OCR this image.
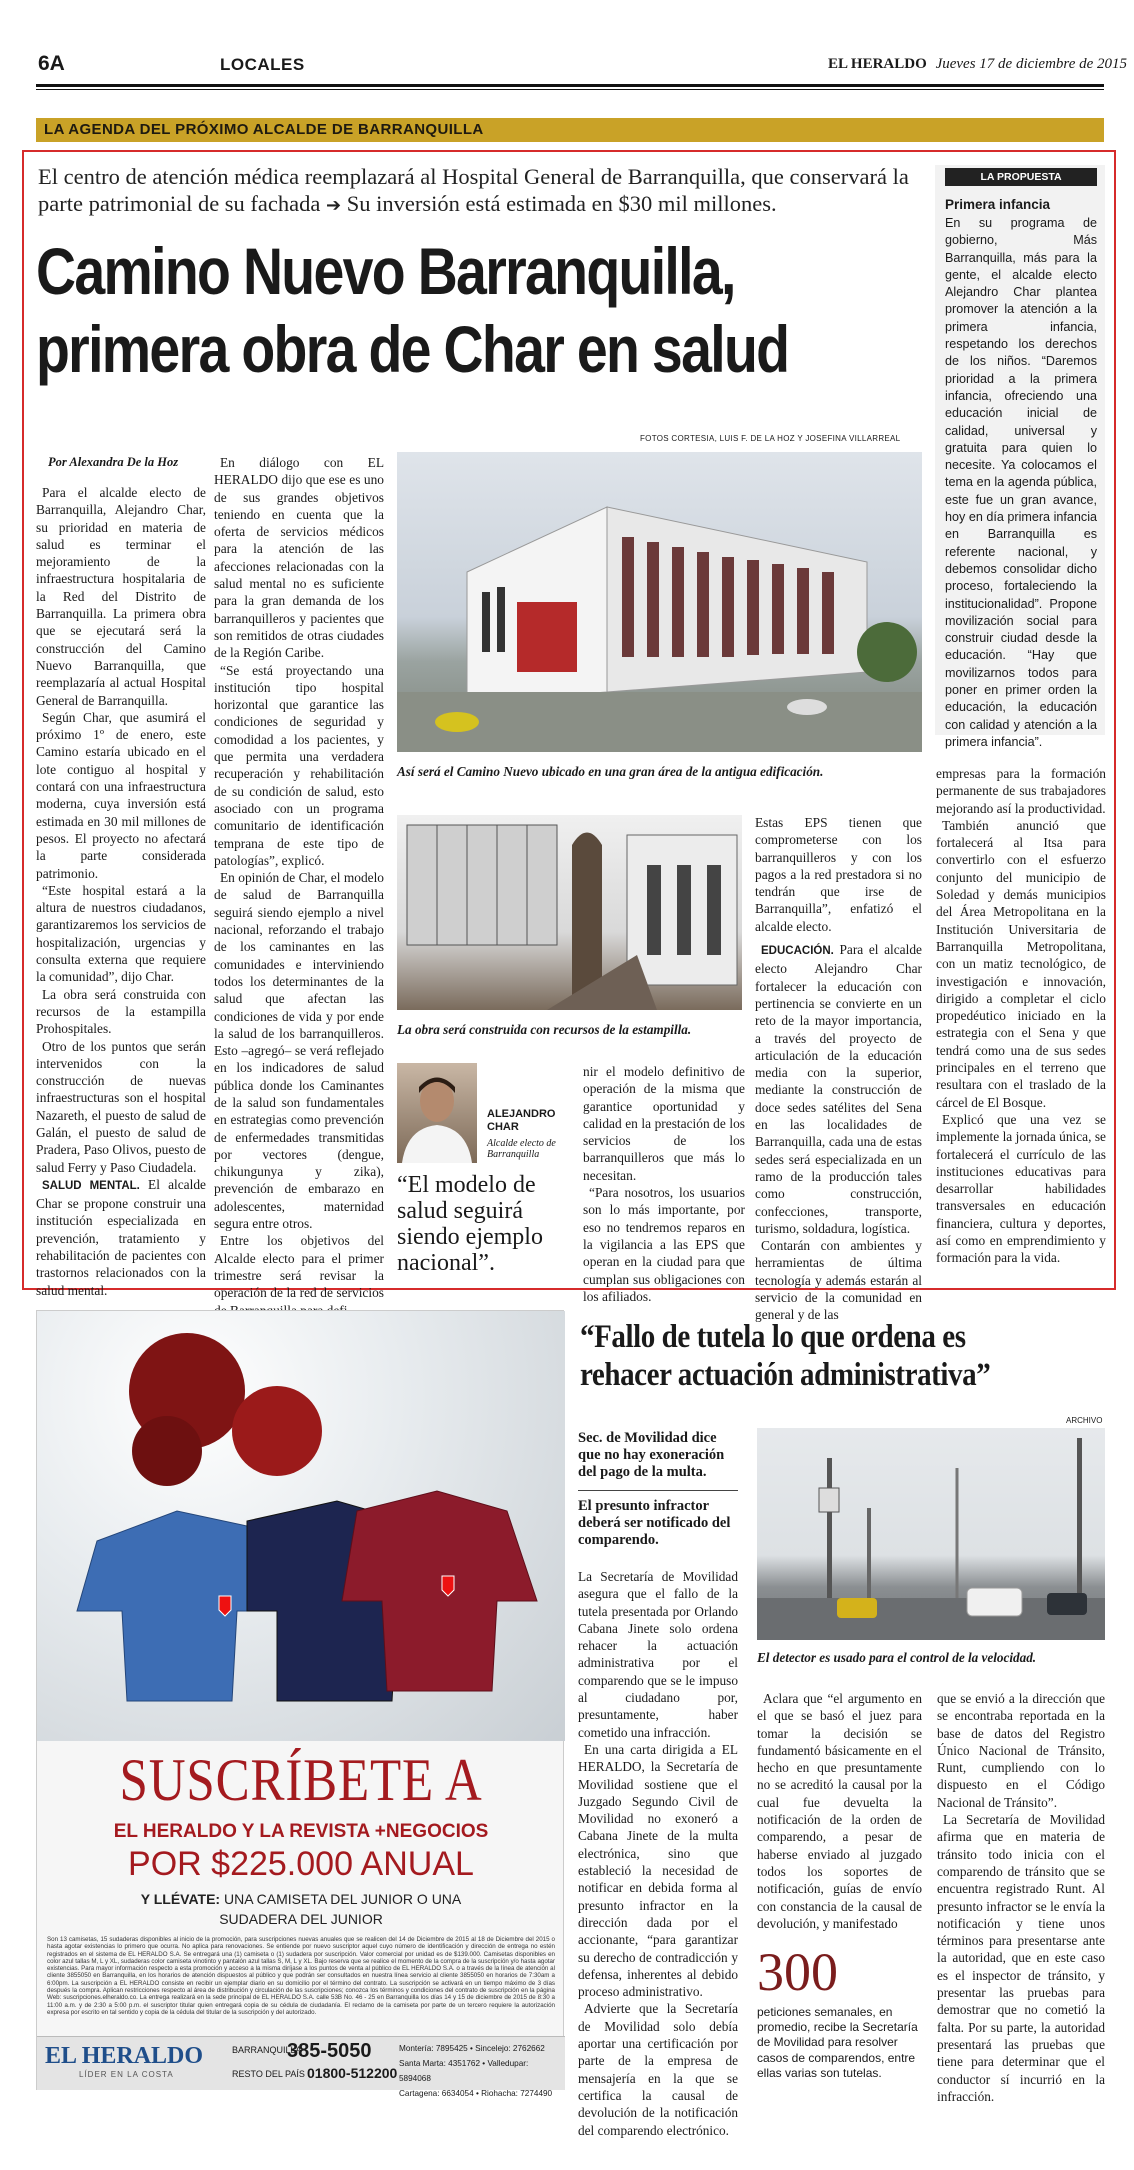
6A	LOCALES	EL HERALDO Jueves 17 de diciembre de 2015
LA AGENDA DEL PRÓXIMO ALCALDE DE BARRANQUILLA
El centro de atención médica reemplazará al Hospital General de Barranquilla, que conservará la parte patrimonial de su fachada ➔ Su inversión está estimada en $30 mil millones.
Camino Nuevo Barranquilla,
primera obra de Char en salud
LA PROPUESTA
Primera infancia
En su programa de gobierno, Más Barranquilla, más para la gente, el alcalde electo Alejandro Char plantea promover la atención a la primera infancia, respetando los derechos de los niños. “Daremos prioridad a la primera infancia, ofreciendo una educación inicial de calidad, universal y gratuita para quien lo necesite. Ya colocamos el tema en la agenda pública, este fue un gran avance, hoy en día primera infancia en Barranquilla es referente nacional, y debemos consolidar dicho proceso, fortaleciendo la institucionalidad”. Propone movilización social para construir ciudad desde la educación. “Hay que movilizarnos todos para poner en primer orden la educación, la educación con calidad y atención a la primera infancia”.
Por Alexandra De la Hoz
FOTOS CORTESIA, LUIS F. DE LA HOZ Y JOSEFINA VILLARREAL

Para el alcalde electo de Barranquilla, Alejandro Char, su prioridad en materia de salud es terminar el mejoramiento de la infraestructura hospitalaria de la Red del Distrito de Barranquilla. La primera obra que se ejecutará será la construcción del Camino Nuevo Barranquilla, que reemplazaría al actual Hospital General de Barranquilla.

Según Char, que asumirá el próximo 1º de enero, este Camino estaría ubicado en el lote contiguo al hospital y contará con una infraestructura moderna, cuya inversión está estimada en 30 mil millones de pesos. El proyecto no afectará la parte considerada patrimonio.

“Este hospital estará a la altura de nuestros ciudadanos, garantizaremos los servicios de hospitalización, urgencias y consulta externa que requiere la comunidad”, dijo Char.

La obra será construida con recursos de la estampilla Prohospitales.

Otro de los puntos que serán intervenidos con la construcción de nuevas infraestructuras son el hospital Nazareth, el puesto de salud de Galán, el puesto de salud de Pradera, Paso Olivos, puesto de salud Ferry y Paso Ciudadela.

SALUD MENTAL. El alcalde Char se propone construir una institución especializada en prevención, tratamiento y rehabilitación de pacientes con trastornos relacionados con la salud mental.

En diálogo con EL HERALDO dijo que ese es uno de sus grandes objetivos teniendo en cuenta que la oferta de servicios médicos para la atención de las afecciones relacionadas con la salud mental no es suficiente para la gran demanda de los barranquilleros y pacientes que son remitidos de otras ciudades de la Región Caribe.

“Se está proyectando una institución tipo hospital horizontal que garantice las condiciones de seguridad y comodidad a los pacientes, y que permita una verdadera recuperación y rehabilitación de su condición de salud, esto asociado con un programa comunitario de identificación temprana de este tipo de patologías”, explicó.

En opinión de Char, el modelo de salud de Barranquilla seguirá siendo ejemplo a nivel nacional, reforzando el trabajo de los caminantes en las comunidades e interviniendo todos los determinantes de la salud que afectan las condiciones de vida y por ende la salud de los barranquilleros. Esto –agregó– se verá reflejado en los indicadores de salud pública donde los Caminantes de la salud son fundamentales en estrategias como prevención de enfermedades transmitidas por vectores (dengue, chikungunya y zika), prevención de embarazo en adolescentes, maternidad segura entre otros.

Entre los objetivos del Alcalde electo para el primer trimestre será revisar la operación de la red de servicios

Así será el Camino Nuevo ubicado en una gran área de la antigua edificación.
La obra será construida con recursos de la estampilla.
ALEJANDRO CHAR
Alcalde electo de Barranquilla
“El modelo de salud seguirá siendo ejemplo nacional”.

nir el modelo definitivo de operación de la misma que garantice oportunidad y calidad en la prestación de los servicios de los barranquilleros que más lo necesitan.

“Para nosotros, los usuarios son lo más importante, por eso no tendremos reparos en la vigilancia a las EPS que operan en la ciudad para que cumplan sus obligaciones con los afiliados.

Estas EPS tienen que comprometerse con los barranquilleros y con los pagos a la red prestadora si no tendrán que irse de Barranquilla”, enfatizó el alcalde electo.

EDUCACIÓN. Para el alcalde electo Alejandro Char fortalecer la educación con pertinencia se convierte en un reto de la mayor importancia, a través del proyecto de articulación de la educación media con la superior, mediante la construcción de doce sedes satélites del Sena en las localidades de Barranquilla, cada una de estas sedes será especializada en un ramo de la producción tales como construcción, confecciones, transporte, turismo, soldadura, logística.

Contarán con ambientes y herramientas de última tecnología y además estarán al servicio de la comunidad en general y de las

empresas para la formación permanente de sus trabajadores mejorando así la productividad.

También anunció que fortalecerá al Itsa para convertirlo con el esfuerzo conjunto del municipio de Soledad y demás municipios del Área Metropolitana en la Institución Universitaria de Barranquilla Metropolitana, con un matiz tecnológico, de investigación e innovación, dirigido a completar el ciclo propedéutico iniciado en la estrategia con el Sena y que tendrá como una de sus sedes principales en el terreno que resultara con el traslado de la cárcel de El Bosque.

Explicó que una vez se implemente la jornada única, se fortalecerá el currículo de las instituciones educativas para desarrollar habilidades transversales en educación financiera, cultura y deportes, así como en emprendimiento y formación para la vida.

SUSCRÍBETE A
EL HERALDO Y LA REVISTA +NEGOCIOS
POR $225.000 ANUAL
Y LLÉVATE: UNA CAMISETA DEL JUNIOR O UNA
SUDADERA DEL JUNIOR
Son 13 camisetas, 15 sudaderas disponibles al inicio de la promoción, para suscripciones nuevas anuales que se realicen del 14 de Diciembre de 2015 al 18 de Diciembre del 2015 o hasta agotar existencias lo primero que ocurra. No aplica para renovaciones. Se entiende por nuevo suscriptor aquel cuyo número de identificación y dirección de entrega no estén registrados en el sistema de EL HERALDO S.A. Se entregará una (1) camiseta o (1) sudadera por suscripción. Valor comercial por unidad es de $139.000. Camisetas disponibles en color azul tallas M, L y XL, sudaderas color camiseta vinotinto y pantalón azul tallas S, M, L y XL. Bajo reserva que se realice el momento de la compra de la suscripción y/o hasta agotar existencias. Para mayor información respecto a esta promoción y acceso a la misma diríjase a los puntos de venta al público de EL HERALDO S.A. o a través de la línea de atención al cliente 3855050 en Barranquilla, en los horarios de atención dispuestos al público y que podrán ser consultados en nuestra línea servicio al cliente 3855050 en horarios de 7:30am a 6:00pm. La suscripción a EL HERALDO consiste en recibir un ejemplar diario en su domicilio por el término del contrato. La suscripción se activará en un tiempo máximo de 3 días después la compra. Aplican restricciones respecto al área de distribución y circulación de las suscripciones; conozca los términos y condiciones del contrato de suscripción en la página Web: suscripciones.elheraldo.co. La entrega realizará en la sede principal de EL HERALDO S.A. calle 53B No. 46 - 25 en Barranquilla los días 14 y 15 de diciembre de 2015 de 8:30 a 11:00 a.m. y de 2:30 a 5:00 p.m. el suscriptor titular quien entregará copia de su cédula de ciudadanía. El reclamo de la camiseta por parte de un tercero requiere la autorización expresa por escrito en tal sentido y copia de la cédula del titular de la suscripción y del autorizado.
EL HERALDO
LÍDER EN LA COSTA
BARRANQUILLA
385-5050
RESTO DEL PAÍS 01800-512200
Montería: 7895425 • Sincelejo: 2762662
Santa Marta: 4351762 • Valledupar: 5894068
Cartagena: 6634054 • Riohacha: 7274490
“Fallo de tutela lo que ordena es rehacer actuación administrativa”
Sec. de Movilidad dice que no hay exoneración del pago de la multa.
El presunto infractor deberá ser notificado del comparendo.
ARCHIVO
El detector es usado para el control de la velocidad.

La Secretaría de Movilidad asegura que el fallo de la tutela presentada por Orlando Cabana Jinete solo ordena rehacer la actuación administrativa por el comparendo que se le impuso al ciudadano por, presuntamente, haber cometido una infracción.

En una carta dirigida a EL HERALDO, la Secretaría de Movilidad sostiene que el Juzgado Segundo Civil de Movilidad no exoneró a Cabana Jinete de la multa electrónica, sino que estableció la necesidad de notificar en debida forma al presunto infractor en la dirección dada por el accionante, “para garantizar su derecho de contradicción y defensa, inherentes al debido proceso administrativo.

Advierte que la Secretaría de Movilidad solo debía aportar una certificación por parte de la empresa de mensajería en la que se certifica la causal de devolución de la notificación del comparendo electrónico.

Aclara que “el argumento en el que se basó el juez para tomar la decisión se fundamentó básicamente en el hecho en que presuntamente no se acreditó la causal por la cual fue devuelta la notificación de la orden de comparendo, a pesar de haberse enviado al juzgado todos los soportes de notificación, guías de envío con constancia de la causal de devolución, y manifestado

300
peticiones semanales, en promedio, recibe la Secretaría de Movilidad para resolver casos de comparendos, entre ellas varias son tutelas.

que se envió a la dirección que se encontraba reportada en la base de datos del Registro Único Nacional de Tránsito, Runt, cumpliendo con lo dispuesto en el Código Nacional de Tránsito”.

La Secretaría de Movilidad afirma que en materia de tránsito todo inicia con el comparendo de tránsito que se encuentra registrado Runt. Al presunto infractor se le envía la notificación y tiene unos términos para presentarse ante la autoridad, que en este caso es el inspector de tránsito, y presentar las pruebas para demostrar que no cometió la falta. Por su parte, la autoridad presentará las pruebas que tiene para determinar que el conductor sí incurrió en la infracción.
